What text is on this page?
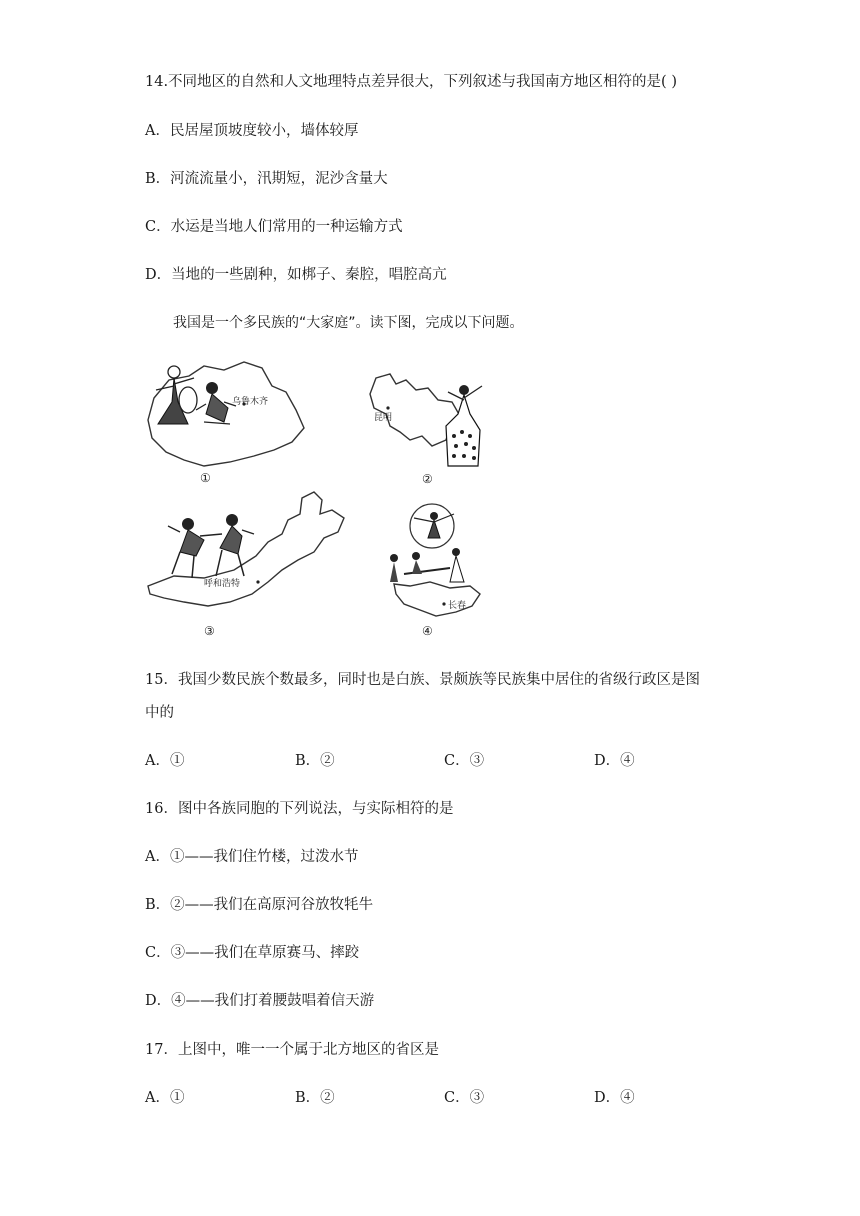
14.不同地区的自然和人文地理特点差异很大，下列叙述与我国南方地区相符的是( )
A．民居屋顶坡度较小，墙体较厚
B．河流流量小，汛期短，泥沙含量大
C．水运是当地人们常用的一种运输方式
D．当地的一些剧种，如梆子、秦腔，唱腔高亢
我国是一个多民族的“大家庭”。读下图，完成以下问题。
乌鲁木齐
①
昆明
②
呼和浩特
③
长春
④
15．我国少数民族个数最多，同时也是白族、景颇族等民族集中居住的省级行政区是图
中的
A．①	B．②	C．③	D．④
16．图中各族同胞的下列说法，与实际相符的是
A．①——我们住竹楼，过泼水节
B．②——我们在高原河谷放牧牦牛
C．③——我们在草原赛马、摔跤
D．④——我们打着腰鼓唱着信天游
17．上图中，唯一一个属于北方地区的省区是
A．①	B．②	C．③	D．④
